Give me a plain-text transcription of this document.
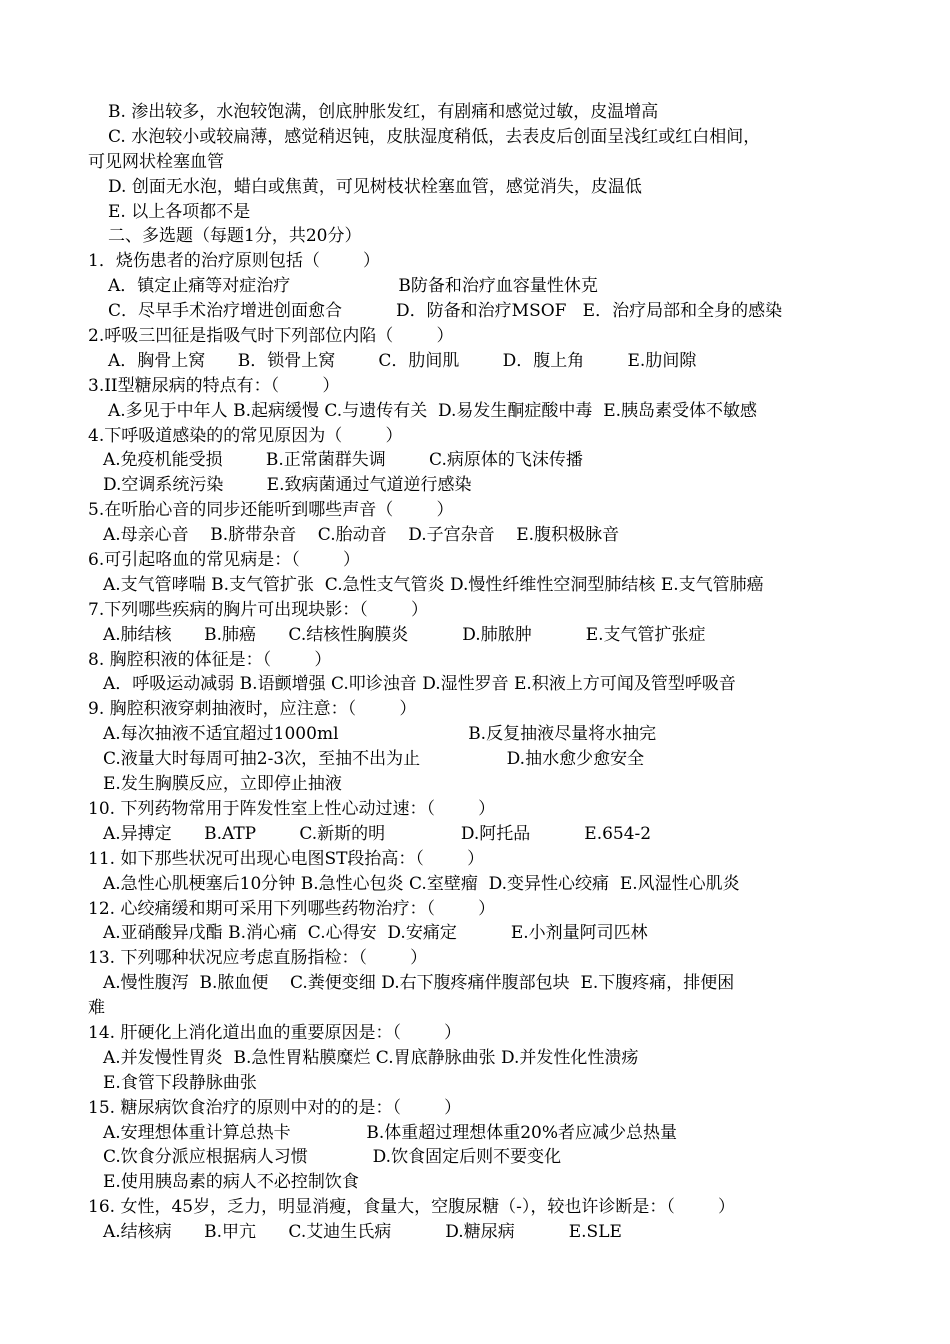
B. 渗出较多，水泡较饱满，创底肿胀发红，有剧痛和感觉过敏，皮温增高
C. 水泡较小或较扁薄，感觉稍迟钝，皮肤湿度稍低，去表皮后创面呈浅红或红白相间，
可见网状栓塞血管
D. 创面无水泡，蜡白或焦黄，可见树枝状栓塞血管，感觉消失，皮温低
E. 以上各项都不是
二、多选题（每题1分，共20分）
1．烧伤患者的治疗原则包括（        ）
A．镇定止痛等对症治疗                    B防备和治疗血容量性休克
C．尽早手术治疗增进创面愈合          D．防备和治疗MSOF   E．治疗局部和全身的感染
2.呼吸三凹征是指吸气时下列部位内陷（        ）
A．胸骨上窝      B．锁骨上窝        C．肋间肌        D．腹上角        E.肋间隙
3.II型糖尿病的特点有：（        ）
A.多见于中年人 B.起病缓慢 C.与遗传有关  D.易发生酮症酸中毒  E.胰岛素受体不敏感
4.下呼吸道感染的的常见原因为（        ）
A.免疫机能受损        B.正常菌群失调        C.病原体的飞沫传播
D.空调系统污染        E.致病菌通过气道逆行感染
5.在听胎心音的同步还能听到哪些声音（        ）
A.母亲心音    B.脐带杂音    C.胎动音    D.子宫杂音    E.腹积极脉音
6.可引起咯血的常见病是：（        ）
A.支气管哮喘 B.支气管扩张  C.急性支气管炎 D.慢性纤维性空洞型肺结核 E.支气管肺癌
7.下列哪些疾病的胸片可出现块影：（        ）
A.肺结核      B.肺癌      C.结核性胸膜炎          D.肺脓肿          E.支气管扩张症
8. 胸腔积液的体征是：（        ）
A．呼吸运动减弱 B.语颤增强 C.叩诊浊音 D.湿性罗音 E.积液上方可闻及管型呼吸音
9. 胸腔积液穿刺抽液时，应注意：（        ）
A.每次抽液不适宜超过1000ml                        B.反复抽液尽量将水抽完
C.液量大时每周可抽2-3次，至抽不出为止                D.抽水愈少愈安全
E.发生胸膜反应，立即停止抽液
10. 下列药物常用于阵发性室上性心动过速：（        ）
A.异搏定      B.ATP        C.新斯的明              D.阿托品          E.654-2
11. 如下那些状况可出现心电图ST段抬高：（        ）
A.急性心肌梗塞后10分钟 B.急性心包炎 C.室壁瘤  D.变异性心绞痛  E.风湿性心肌炎
12. 心绞痛缓和期可采用下列哪些药物治疗：（        ）
A.亚硝酸异戊酯 B.消心痛  C.心得安  D.安痛定          E.小剂量阿司匹林
13. 下列哪种状况应考虑直肠指检：（        ）
A.慢性腹泻  B.脓血便    C.粪便变细 D.右下腹疼痛伴腹部包块  E.下腹疼痛，排便困
难
14. 肝硬化上消化道出血的重要原因是：（        ）
A.并发慢性胃炎  B.急性胃粘膜糜烂 C.胃底静脉曲张 D.并发性化性溃疡
E.食管下段静脉曲张
15. 糖尿病饮食治疗的原则中对的的是：（        ）
A.安理想体重计算总热卡              B.体重超过理想体重20%者应减少总热量
C.饮食分派应根据病人习惯            D.饮食固定后则不要变化
E.使用胰岛素的病人不必控制饮食
16. 女性，45岁，乏力，明显消瘦，食量大，空腹尿糖（-），较也许诊断是：（        ）
A.结核病      B.甲亢      C.艾迪生氏病          D.糖尿病          E.SLE
